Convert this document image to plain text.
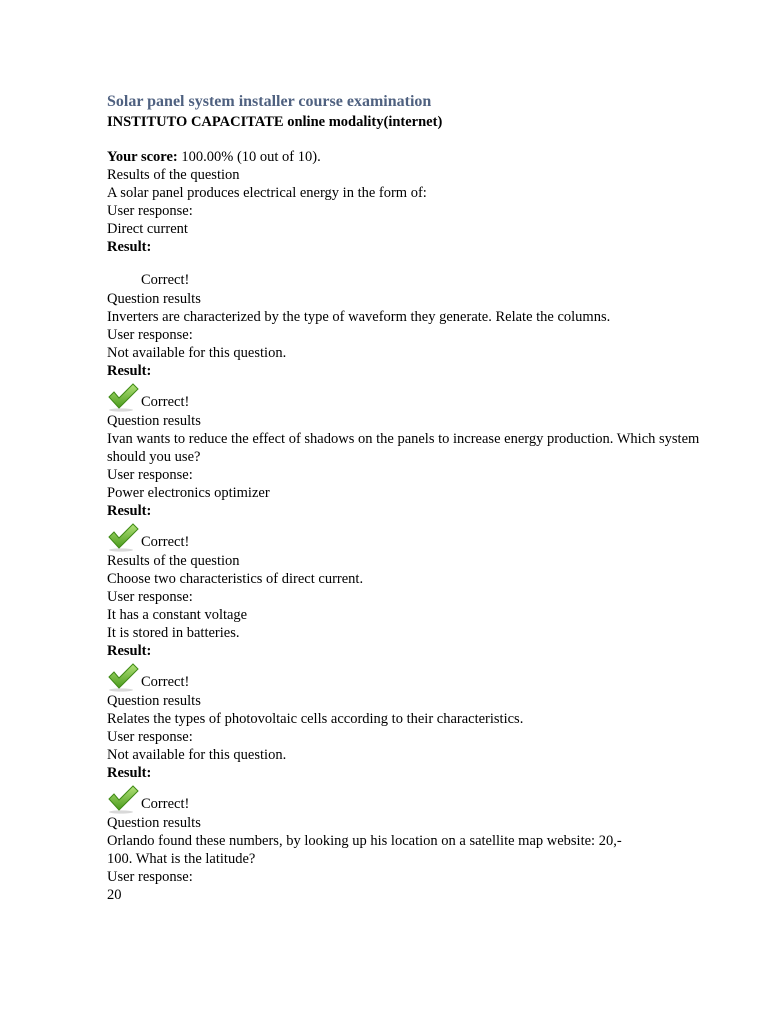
Solar panel system installer course examination

INSTITUTO CAPACITATE online modality(internet)

Your score: 100.00% (10 out of 10).

Results of the question

A solar panel produces electrical energy in the form of:

User response:

Direct current

Result:

Correct!

Question results

Inverters are characterized by the type of waveform they generate. Relate the columns.

User response:

Not available for this question.

Result:

Correct!

Question results

Ivan wants to reduce the effect of shadows on the panels to increase energy production. Which system should you use?

User response:

Power electronics optimizer

Result:

Correct!

Results of the question

Choose two characteristics of direct current.

User response:

It has a constant voltage

It is stored in batteries.

Result:

Correct!

Question results

Relates the types of photovoltaic cells according to their characteristics.

User response:

Not available for this question.

Result:

Correct!

Question results

Orlando found these numbers, by looking up his location on a satellite map website: 20,-

100. What is the latitude?

User response:

20
